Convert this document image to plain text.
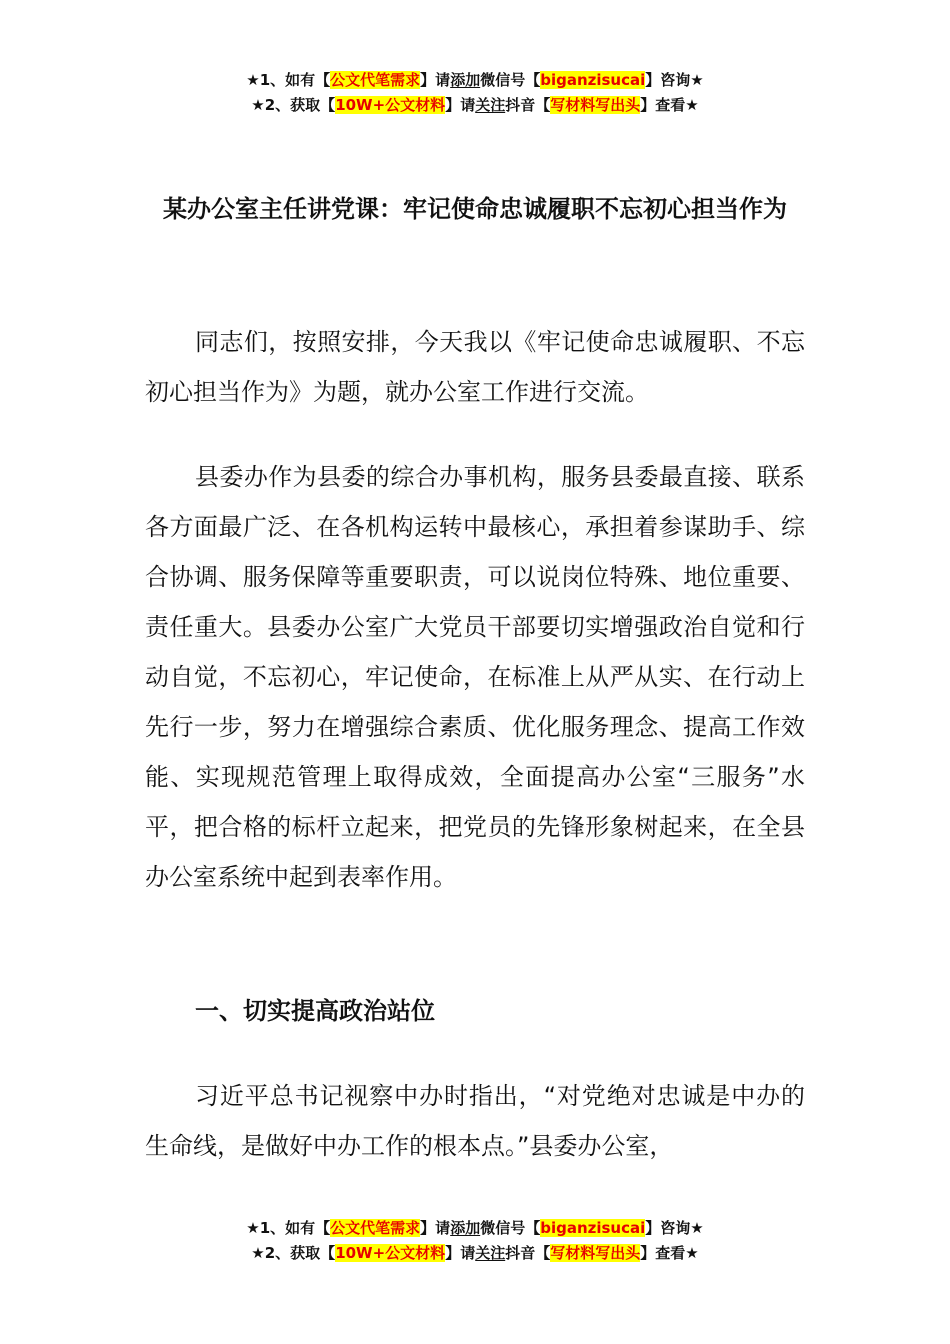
★1、如有【公文代笔需求】请添加微信号【biganzisucai】咨询★
★2、获取【10W+公文材料】请关注抖音【写材料写出头】查看★
某办公室主任讲党课：牢记使命忠诚履职不忘初心担当作为

同志们，按照安排，今天我以《牢记使命忠诚履职、不忘初心担当作为》为题，就办公室工作进行交流。

县委办作为县委的综合办事机构，服务县委最直接、联系各方面最广泛、在各机构运转中最核心，承担着参谋助手、综合协调、服务保障等重要职责，可以说岗位特殊、地位重要、责任重大。县委办公室广大党员干部要切实增强政治自觉和行动自觉，不忘初心，牢记使命，在标准上从严从实、在行动上先行一步，努力在增强综合素质、优化服务理念、提高工作效能、实现规范管理上取得成效，全面提高办公室“三服务”水平，把合格的标杆立起来，把党员的先锋形象树起来，在全县办公室系统中起到表率作用。

一、切实提高政治站位

习近平总书记视察中办时指出，“对党绝对忠诚是中办的生命线，是做好中办工作的根本点。”县委办公室，

★1、如有【公文代笔需求】请添加微信号【biganzisucai】咨询★
★2、获取【10W+公文材料】请关注抖音【写材料写出头】查看★
